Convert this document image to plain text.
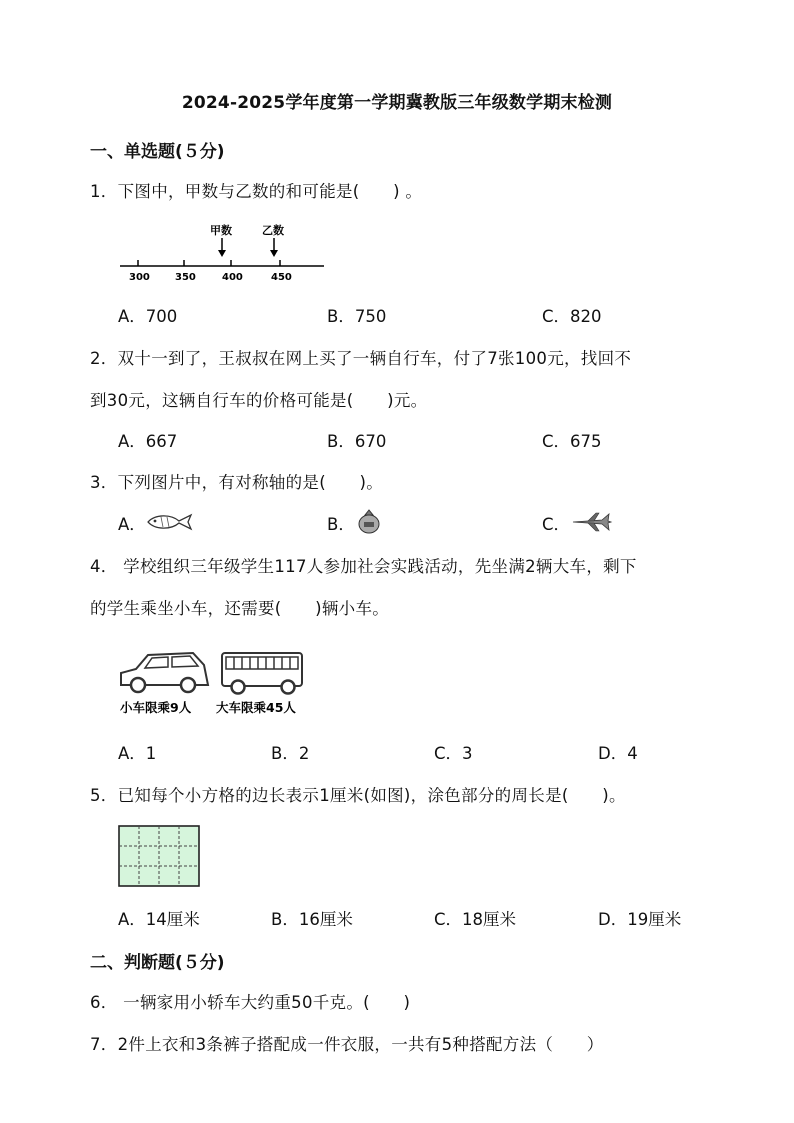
2024-2025学年度第一学期冀教版三年级数学期末检测
一、单选题(５分)
1．下图中，甲数与乙数的和可能是(　　) 。
甲数	乙数
300	350	400	450
A．700	B．750	C．820
2．双十一到了，王叔叔在网上买了一辆自行车，付了7张100元，找回不
到30元，这辆自行车的价格可能是(　　)元。
A．667	B．670	C．675
3．下列图片中，有对称轴的是(　　)。
A．	B．	C．
4． 学校组织三年级学生117人参加社会实践活动，先坐满2辆大车，剩下
的学生乘坐小车，还需要(　　)辆小车。
小车限乘9人 大车限乘45人
A．1	B．2	C．3	D．4
5．已知每个小方格的边长表示1厘米(如图)，涂色部分的周长是(　　)。
A．14厘米	B．16厘米	C．18厘米	D．19厘米
二、判断题(５分)
6． 一辆家用小轿车大约重50千克。(　　)
7．2件上衣和3条裤子搭配成一件衣服，一共有5种搭配方法（　　）
